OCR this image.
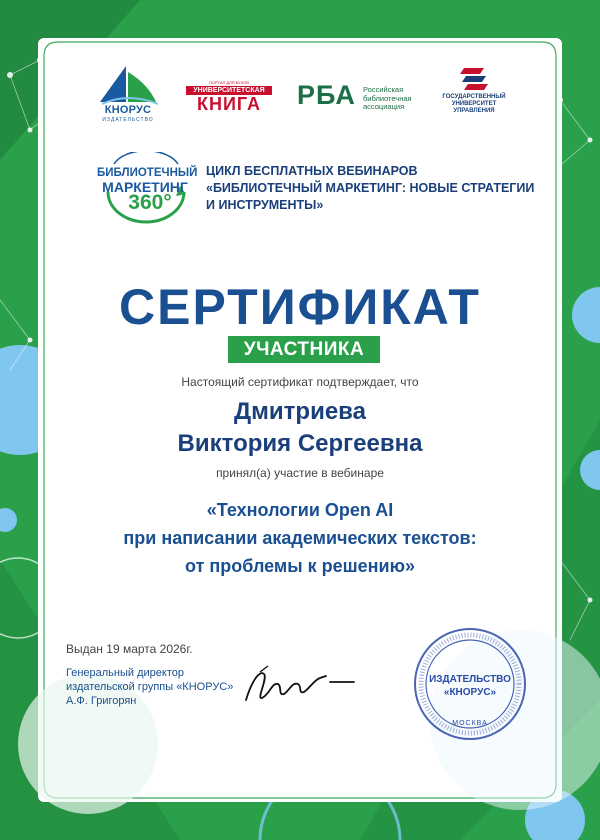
КНОРУС
ИЗДАТЕЛЬСТВО
ПОРТАЛ ДЛЯ ВУЗОВ
УНИВЕРСИТЕТСКАЯ
КНИГА	РБА Российская библиотечная ассоциация
ГОСУДАРСТВЕННЫЙ УНИВЕРСИТЕТ УПРАВЛЕНИЯ
БИБЛИОТЕЧНЫЙ
МАРКЕТИНГ
360°
ЦИКЛ БЕСПЛАТНЫХ ВЕБИНАРОВ «БИБЛИОТЕЧНЫЙ МАРКЕТИНГ: НОВЫЕ СТРАТЕГИИ И ИНСТРУМЕНТЫ»
СЕРТИФИКАТ
УЧАСТНИКА
Настоящий сертификат подтверждает, что
Дмитриева
Виктория Сергеевна
принял(а) участие в вебинаре
«Технологии Open AI
при написании академических текстов:
от проблемы к решению»
Выдан 19 марта 2026г.
Генеральный директор
издательской группы «КНОРУС»
А.Ф. Григорян
ИЗДАТЕЛЬСТВО
«КНОРУС»
МОСКВА
